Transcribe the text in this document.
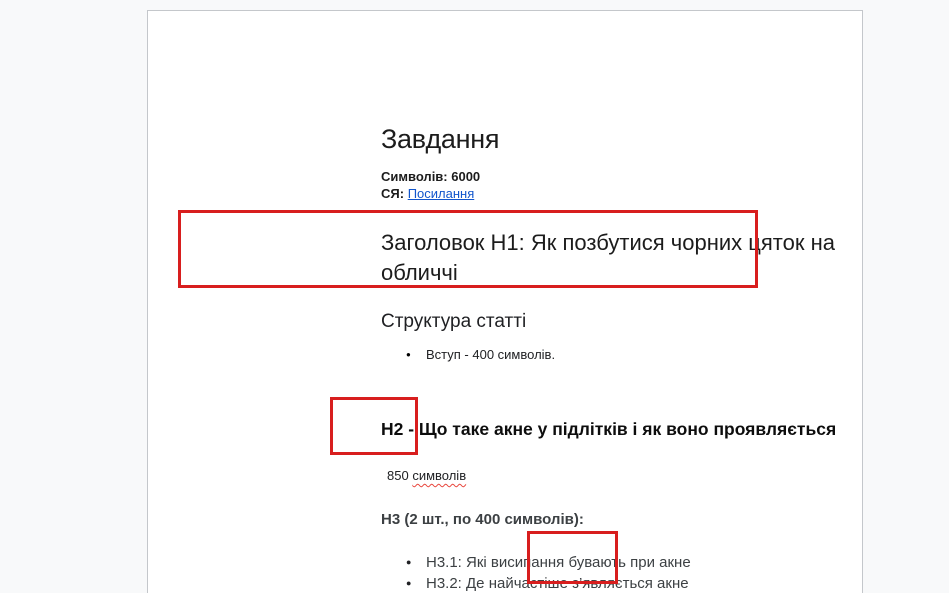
Завдання
Символів: 6000
СЯ: Посилання
Заголовок H1: Як позбутися чорних цяток на
обличчі
Структура статті
●
Вступ - 400 символів.
H2 - Що таке акне у підлітків і як воно проявляється
850 символів
H3 (2 шт., по 400 символів):
●
H3.1: Які висипання бувають при акне
●
H3.2: Де найчастіше з’являється акне
